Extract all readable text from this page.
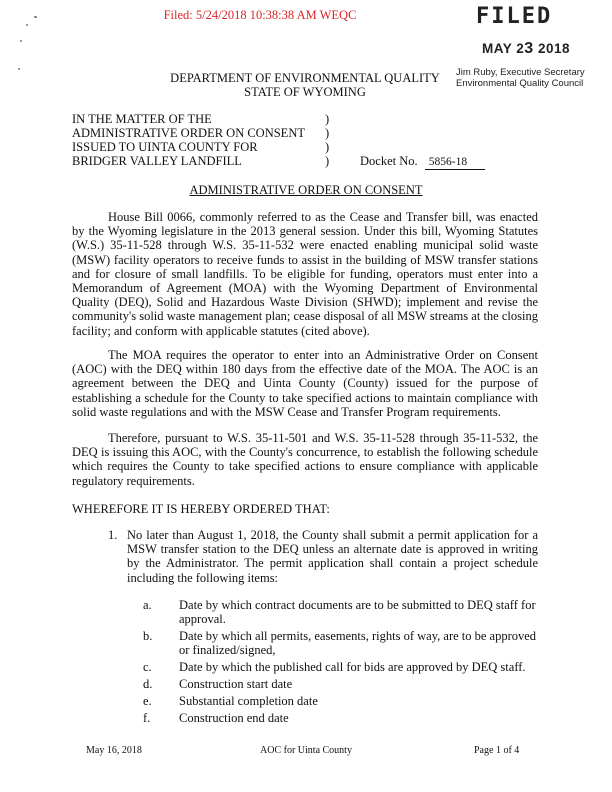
Filed: 5/24/2018 10:38:38 AM WEQC	FILED
MAY 23 2018
Jim Ruby, Executive Secretary
Environmental Quality Council
DEPARTMENT OF ENVIRONMENTAL QUALITY
STATE OF WYOMING
IN THE MATTER OF THE
ADMINISTRATIVE ORDER ON CONSENT
ISSUED TO UINTA COUNTY FOR
BRIDGER VALLEY LANDFILL
)
)
)
) Docket No. 5856-18
ADMINISTRATIVE ORDER ON CONSENT

House Bill 0066, commonly referred to as the Cease and Transfer bill, was enacted by the Wyoming legislature in the 2013 general session. Under this bill, Wyoming Statutes (W.S.) 35-11-528 through W.S. 35-11-532 were enacted enabling municipal solid waste (MSW) facility operators to receive funds to assist in the building of MSW transfer stations and for closure of small landfills. To be eligible for funding, operators must enter into a Memorandum of Agreement (MOA) with the Wyoming Department of Environmental Quality (DEQ), Solid and Hazardous Waste Division (SHWD); implement and revise the community's solid waste management plan; cease disposal of all MSW streams at the closing facility; and conform with applicable statutes (cited above).

The MOA requires the operator to enter into an Administrative Order on Consent (AOC) with the DEQ within 180 days from the effective date of the MOA. The AOC is an agreement between the DEQ and Uinta County (County) issued for the purpose of establishing a schedule for the County to take specified actions to maintain compliance with solid waste regulations and with the MSW Cease and Transfer Program requirements.

Therefore, pursuant to W.S. 35-11-501 and W.S. 35-11-528 through 35-11-532, the DEQ is issuing this AOC, with the County's concurrence, to establish the following schedule which requires the County to take specified actions to ensure compliance with applicable regulatory requirements.

WHEREFORE IT IS HEREBY ORDERED THAT:
1. No later than August 1, 2018, the County shall submit a permit application for a MSW transfer station to the DEQ unless an alternate date is approved in writing by the Administrator. The permit application shall contain a project schedule including the following items:
a. Date by which contract documents are to be submitted to DEQ staff for approval.
b. Date by which all permits, easements, rights of way, are to be approved or finalized/signed,
c. Date by which the published call for bids are approved by DEQ staff.
d. Construction start date
e. Substantial completion date
f. Construction end date
May 16, 2018	AOC for Uinta County	Page 1 of 4
